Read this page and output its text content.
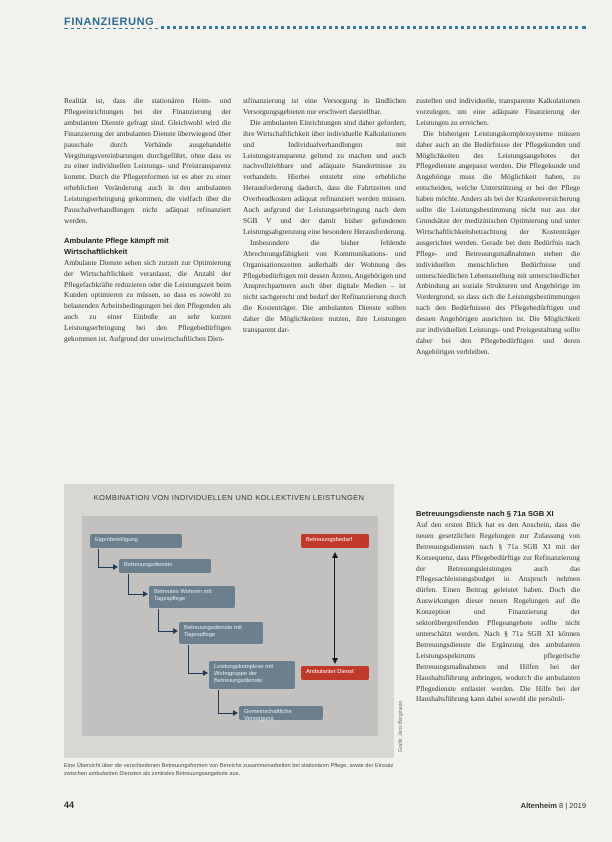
FINANZIERUNG

Realität ist, dass die stationären Heim- und Pflegeeinrichtungen bei der Finanzierung der ambulanten Dienste gefragt sind. Gleichwohl wird die Finanzierung der ambulanten Dienste überwiegend über pauschale durch Verbände ausgehandelte Vergütungsvereinbarungen durchgeführt, ohne dass es zu einer individuellen Leistungs- und Preistransparenz kommt. Durch die Pflegereformen ist es aber zu einer erheblichen Veränderung auch in den ambulanten Leistungserbringung gekommen, die vielfach über die Pauschalverhandlungen nicht adäquat refinanziert werden.

Ambulante Pflege kämpft mit Wirtschaftlichkeit

Ambulante Dienste sehen sich zurzeit zur Optimierung der Wirtschaftlichkeit veranlasst, die Anzahl der Pflegefachkräfte reduzieren oder die Leistungszeit beim Kunden optimieren zu müssen, so dass es sowohl zu belastenden Arbeitsbedingungen bei den Pflegenden als auch zu einer Einbuße an sehr kurzen Leistungserbringung bei den Pflegebedürftigen gekommen ist. Aufgrund der unwirtschaftlichen Dien-

stfinanzierung ist eine Versorgung in ländlichen Versorgungsgebieten nur erschwert darstellbar.

Die ambulanten Einrichtungen sind daher gefordert, ihre Wirtschaftlichkeit über individuelle Kalkulationen und Individualverhandlungen mit Leistungstransparenz geltend zu machen und auch nachvollziehbare und adäquate Standortnisse zu verhandeln. Hierbei entsteht eine erhebliche Herausforderung dadurch, dass die Fahrtzeiten und Overheadkosten adäquat refinanziert werden müssen. Auch aufgrund der Leistungserbringung nach dem SGB V und der damit bisher gefundenen Leistungsabgrenzung eine besondere Herausforderung.

Insbesondere die bisher fehlende Abrechnungsfähigkeit von Kommunikations- und Organisationszeiten außerhalb der Wohnung des Pflegebedürftigen mit dessen Ärzten, Angehörigen und Ansprechpartnern auch über digitale Medien – ist nicht sachgerecht und bedarf der Refinanzierung durch die Kostenträger. Die ambulanten Dienste sollten daher die Möglichkeiten nutzen, ihre Leistungen transparent dar-

zustellen und individuelle, transparente Kalkulationen vorzulegen, um eine adäquate Finanzierung der Leistungen zu erreichen.

Die bisherigen Leistungskomplexsysteme müssen daher auch an die Bedürfnisse der Pflegekunden und Möglichkeiten des Leistungsangebotes der Pflegedienste angepasst werden. Die Pflegekunde und Angehörige muss die Möglichkeit haben, zu entscheiden, welche Unterstützung er bei der Pflege haben möchte. Anders als bei der Krankenversicherung sollte die Leistungsbestimmung nicht nur aus der Grundsätze der medizinischen Optimierung und unter Wirtschaftlichkeitsbetrachtung der Kostenträger ausgerichtet werden. Gerade bei dem Bedürfnis nach Pflege- und Betreuungsmaßnahmen stehen die individuellen menschlichen Bedürfnisse und unterschiedlichen Lebensstellung mit unterschiedlicher Anbindung an soziale Strukturen und Angehörige im Vordergrund, so dass sich die Leistungsbestimmungen nach den Bedürfnissen des Pflegebedürftigen und dessen Angehörigen ausrichten ist. Die Möglichkeit zur individuellen Leistungs- und Preisgestaltung sollte daher bei den Pflegebedürftigen und deren Angehörigen verbleiben.

Betreuungsdienste nach § 71a SGB XI

Auf den ersten Blick hat es den Anschein, dass die neuen gesetzlichen Regelungen zur Zulassung von Betreuungsdiensten nach § 71a SGB XI mit der Konsequenz, dass Pflegebedürftige zur Refinanzierung der Betreuungsleistungen auch das Pflegesachleistungsbudget in Anspruch nehmen dürfen. Einen Beitrag geleistet haben. Doch die Auswirkungen dieser neuen Regelungen auf die Konzeption und Finanzierung der sektorübergreifenden Pflegeangebote sollte nicht unterschätzt werden. Nach § 71a SGB XI können Betreuungsdienste die Ergänzung des ambulanten Leistungsspektrums pflegerische Betreuungsmaßnahmen und Hilfen bei der Haushaltsführung anbringen, wodurch die ambulanten Pflegedienste entlastet werden. Die Hilfe bei der Haushaltsführung kann dabei sowohl die persönli-

KOMBINATION VON INDIVIDUELLEN UND KOLLEKTIVEN LEISTUNGEN
Eigenbeteiligung
Betreuungsdienste
Betreutes Wohnen mit Tagespflege
Betreuungsdienste mit Tagespflege
Leistungskomplexe mit Wohngruppe der Betreuungsdienste
Gemeinschaftliche Versorgung
Betreuungsbedarf
Ambulanter Dienst
Grafik: Jens Bergmann
Eine Übersicht über die verschiedenen Betreuungsformen von Bereichs zusammenarbeiten bei stationären Pflege, sowie der Einsatz zwischen ambulanten Diensten als zentrales Betreuungsangebote aus.
44	Altenheim 8 | 2019
